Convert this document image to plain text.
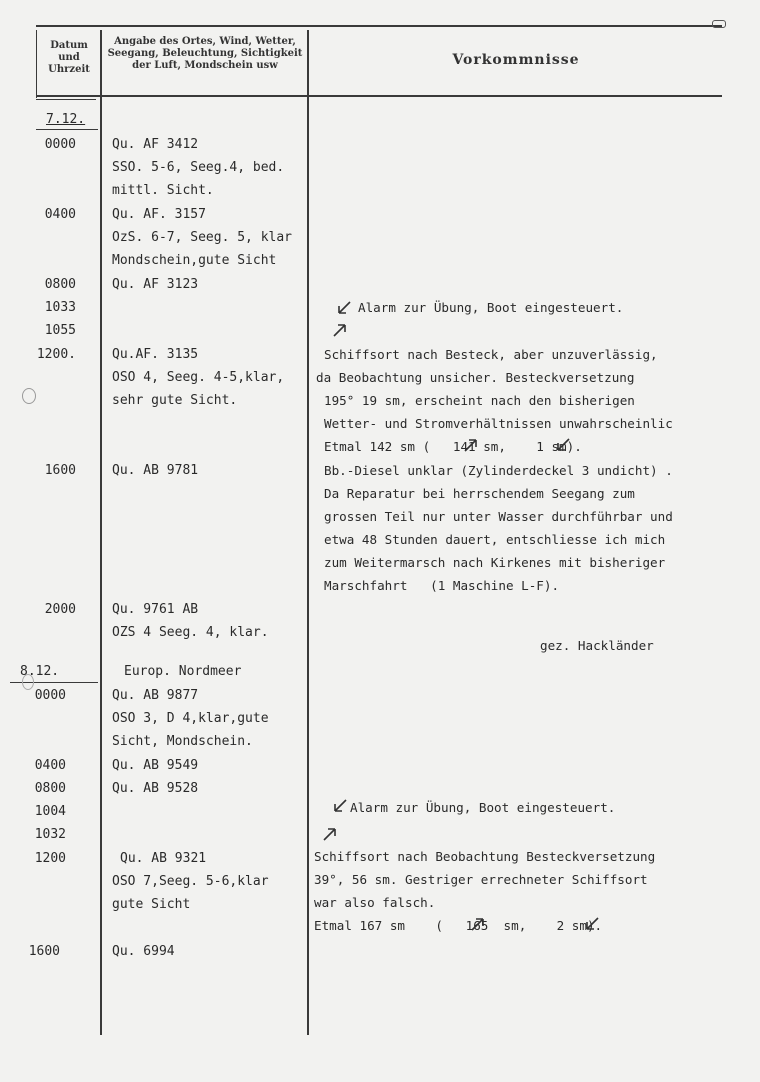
Datum und Uhrzeit
Angabe des Ortes, Wind, Wetter, Seegang, Beleuchtung, Sichtigkeit der Luft, Mondschein usw	Vorkommnisse
7.12.
8.12.	Europ. Nordmeer
0000
0400
0800
1033
1055
1200.
1600
2000
0000
0400
0800
1004
1032
1200
1600
Qu. AF 3412
SSO. 5-6, Seeg.4, bed.
mittl. Sicht.
Qu. AF. 3157
OzS. 6-7, Seeg. 5, klar
Mondschein,gute Sicht
Qu. AF 3123
Qu.AF. 3135
OSO 4, Seeg. 4-5,klar,
sehr gute Sicht.
Qu. AB 9781
Qu. 9761 AB
OZS 4 Seeg. 4, klar.
Qu. AB 9877
OSO 3, D 4,klar,gute
Sicht, Mondschein.
Qu. AB 9549
Qu. AB 9528
Qu. AB 9321
OSO 7,Seeg. 5-6,klar
gute Sicht
Qu. 6994
Alarm zur Übung, Boot eingesteuert.
Schiffsort nach Besteck, aber unzuverlässig,
da Beobachtung unsicher. Besteckversetzung
195° 19 sm, erscheint nach den bisherigen
Wetter- und Stromverhältnissen unwahrscheinlic
Etmal 142 sm (   141 sm,    1 sm).
Bb.-Diesel unklar (Zylinderdeckel 3 undicht) .
Da Reparatur bei herrschendem Seegang zum
grossen Teil nur unter Wasser durchführbar und
etwa 48 Stunden dauert, entschliesse ich mich
zum Weitermarsch nach Kirkenes mit bisheriger
Marschfahrt   (1 Maschine L-F).
Alarm zur Übung, Boot eingesteuert.
Schiffsort nach Beobachtung Besteckversetzung
39°, 56 sm. Gestriger errechneter Schiffsort
war also falsch.
Etmal 167 sm    (   165  sm,    2 sm).
gez. Hackländer
